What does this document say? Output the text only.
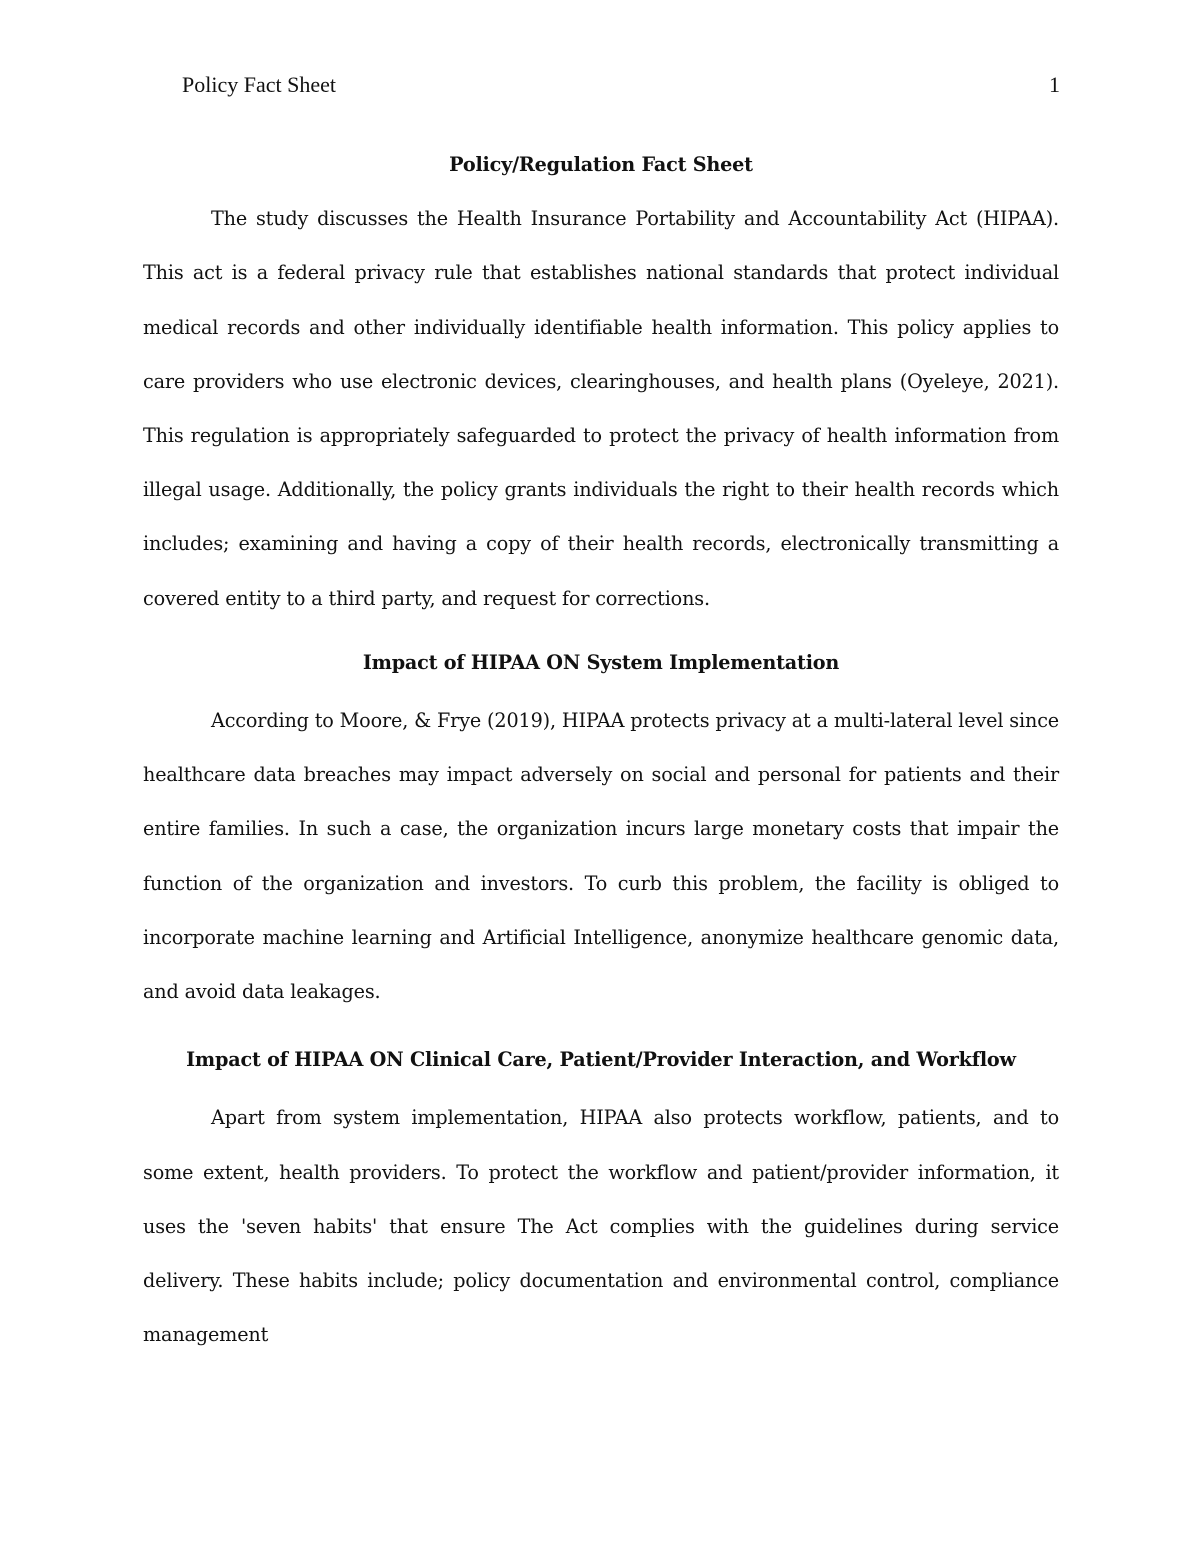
Policy Fact Sheet	1
Policy/Regulation Fact Sheet

The study discusses the Health Insurance Portability and Accountability Act (HIPAA). This act is a federal privacy rule that establishes national standards that protect individual medical records and other individually identifiable health information. This policy applies to care providers who use electronic devices, clearinghouses, and health plans (Oyeleye, 2021). This regulation is appropriately safeguarded to protect the privacy of health information from illegal usage. Additionally, the policy grants individuals the right to their health records which includes; examining and having a copy of their health records, electronically transmitting a covered entity to a third party, and request for corrections.

Impact of HIPAA ON System Implementation

According to Moore, & Frye (2019), HIPAA protects privacy at a multi-lateral level since healthcare data breaches may impact adversely on social and personal for patients and their entire families. In such a case, the organization incurs large monetary costs that impair the function of the organization and investors. To curb this problem, the facility is obliged to incorporate machine learning and Artificial Intelligence, anonymize healthcare genomic data, and avoid data leakages.

Impact of HIPAA ON Clinical Care, Patient/Provider Interaction, and Workflow

Apart from system implementation, HIPAA also protects workflow, patients, and to some extent, health providers. To protect the workflow and patient/provider information, it uses the 'seven habits' that ensure The Act complies with the guidelines during service delivery. These habits include; policy documentation and environmental control, compliance management
